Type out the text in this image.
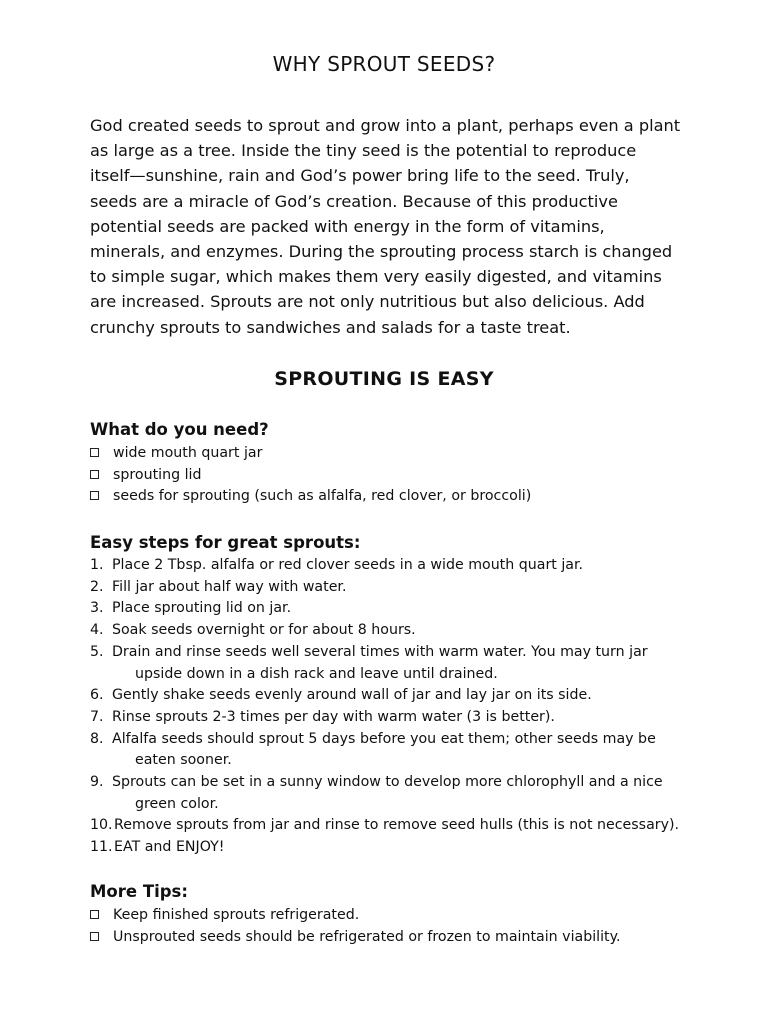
WHY SPROUT SEEDS?
God created seeds to sprout and grow into a plant, perhaps even a plant
as large as a tree. Inside the tiny seed is the potential to reproduce
itself—sunshine, rain and God’s power bring life to the seed. Truly,
seeds are a miracle of God’s creation. Because of this productive
potential seeds are packed with energy in the form of vitamins,
minerals, and enzymes. During the sprouting process starch is changed
to simple sugar, which makes them very easily digested, and vitamins
are increased. Sprouts are not only nutritious but also delicious. Add
crunchy sprouts to sandwiches and salads for a taste treat.
SPROUTING IS EASY
What do you need?
wide mouth quart jar
sprouting lid
seeds for sprouting (such as alfalfa, red clover, or broccoli)
Easy steps for great sprouts:
1. Place 2 Tbsp. alfalfa or red clover seeds in a wide mouth quart jar.
2. Fill jar about half way with water.
3. Place sprouting lid on jar.
4. Soak seeds overnight or for about 8 hours.
5. Drain and rinse seeds well several times with warm water. You may turn jar
upside down in a dish rack and leave until drained.
6. Gently shake seeds evenly around wall of jar and lay jar on its side.
7. Rinse sprouts 2-3 times per day with warm water (3 is better).
8. Alfalfa seeds should sprout 5 days before you eat them; other seeds may be
eaten sooner.
9. Sprouts can be set in a sunny window to develop more chlorophyll and a nice
green color.
10. Remove sprouts from jar and rinse to remove seed hulls (this is not necessary).
11. EAT and ENJOY!
More Tips:
Keep finished sprouts refrigerated.
Unsprouted seeds should be refrigerated or frozen to maintain viability.
